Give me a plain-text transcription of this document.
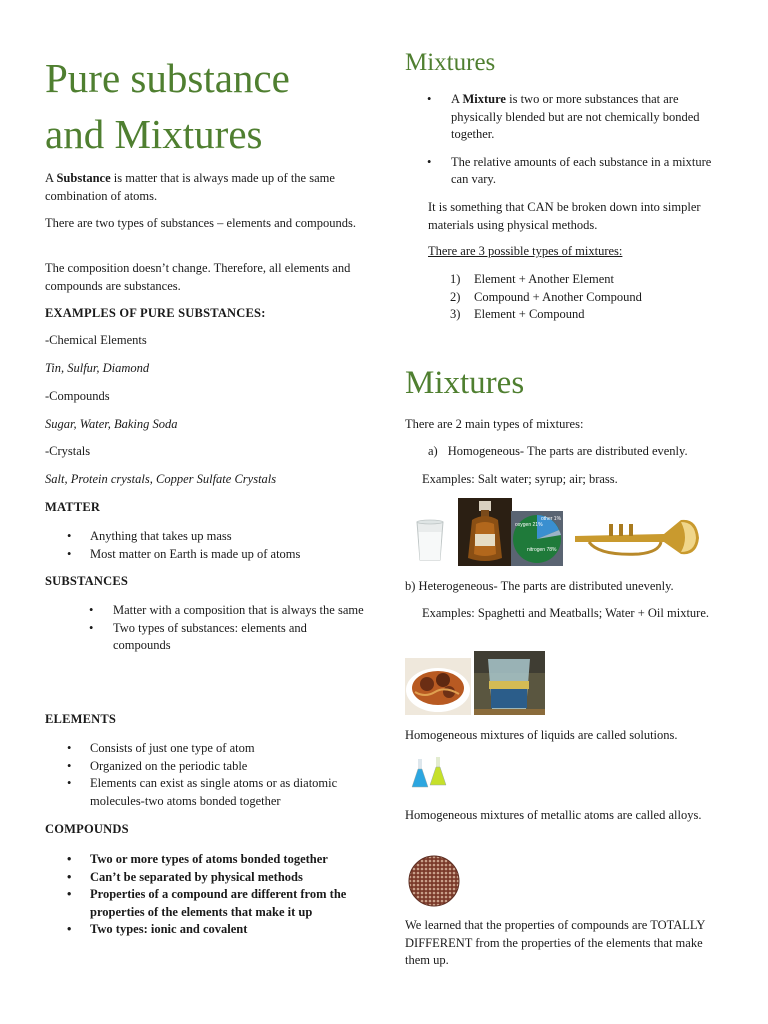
Pure substance
and Mixtures

A Substance is matter that is always made up of the same combination of atoms.

There are two types of substances – elements and compounds.

The composition doesn’t change. Therefore, all elements and compounds are substances.

EXAMPLES OF PURE SUBSTANCES:
-Chemical Elements
Tin, Sulfur, Diamond
-Compounds
Sugar, Water, Baking Soda
-Crystals
Salt, Protein crystals, Copper Sulfate Crystals
MATTER
• Anything that takes up mass
• Most matter on Earth is made up of atoms
SUBSTANCES
• Matter with a composition that is always the same
• Two types of substances: elements and compounds
ELEMENTS
• Consists of just one type of atom
• Organized on the periodic table
• Elements can exist as single atoms or as diatomic molecules-two atoms bonded together
COMPOUNDS
• Two or more types of atoms bonded together
• Can’t be separated by physical methods
• Properties of a compound are different from the properties of the elements that make it up
• Two types: ionic and covalent
Mixtures
• A Mixture is two or more substances that are physically blended but are not chemically bonded together.
• The relative amounts of each substance in a mixture can vary.

It is something that CAN be broken down into simpler materials using physical methods.

There are 3 possible types of mixtures:

1) Element + Another Element
2) Compound + Another Compound
3) Element + Compound
Mixtures

There are 2 main types of mixtures:

a) Homogeneous- The parts are distributed evenly.
Examples: Salt water; syrup; air; brass.
oxygen 21%
other 1%
nitrogen 78%
b) Heterogeneous- The parts are distributed unevenly.

Examples: Spaghetti and Meatballs; Water + Oil mixture.

Homogeneous mixtures of liquids are called solutions.

Homogeneous mixtures of metallic atoms are called alloys.

We learned that the properties of compounds are TOTALLY DIFFERENT from the properties of the elements that make them up.
